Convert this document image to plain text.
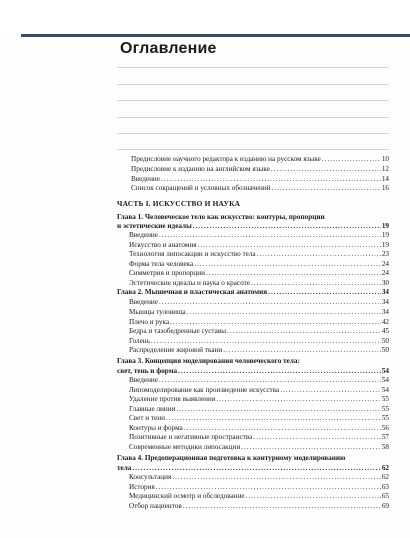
Оглавление
Предисловие научного редактора к изданию на русском языке .....	10
Предисловие к изданию на английском языке .....	12
Введение .....	14
Список сокращений и условных обозначений .....	16
ЧАСТЬ I. ИСКУССТВО И НАУКА
Глава 1. Человеческое тело как искусство: контуры, пропорции
и эстетические идеалы .....	19
Введение .....	19
Искусство и анатомия .....	19
Технология липосакции и искусство тела .....	23
Форма тела человека .....	24
Симметрия и пропорции .....	24
Эстетические идеалы и наука о красоте .....	30
Глава 2. Мышечная и пластическая анатомия .....	34
Введение .....	34
Мышцы туловища .....	34
Плечо и рука .....	42
Бедра и тазобедренные суставы .....	45
Голень .....	50
Распределение жировой ткани .....	50
Глава 3. Концепция моделирования человеческого тела:
свет, тень и форма .....	54
Введение .....	54
Липомоделирование как произведение искусства .....	54
Удаление против выявления .....	55
Главные линии .....	55
Свет и тени .....	55
Контуры и форма .....	56
Позитивные и негативные пространства .....	57
Современные методики липосакции .....	58
Глава 4. Предоперационная подготовка к контурному моделированию
тела .....	62
Консультация .....	62
История .....	63
Медицинский осмотр и обследование .....	65
Отбор пациентов .....	69
